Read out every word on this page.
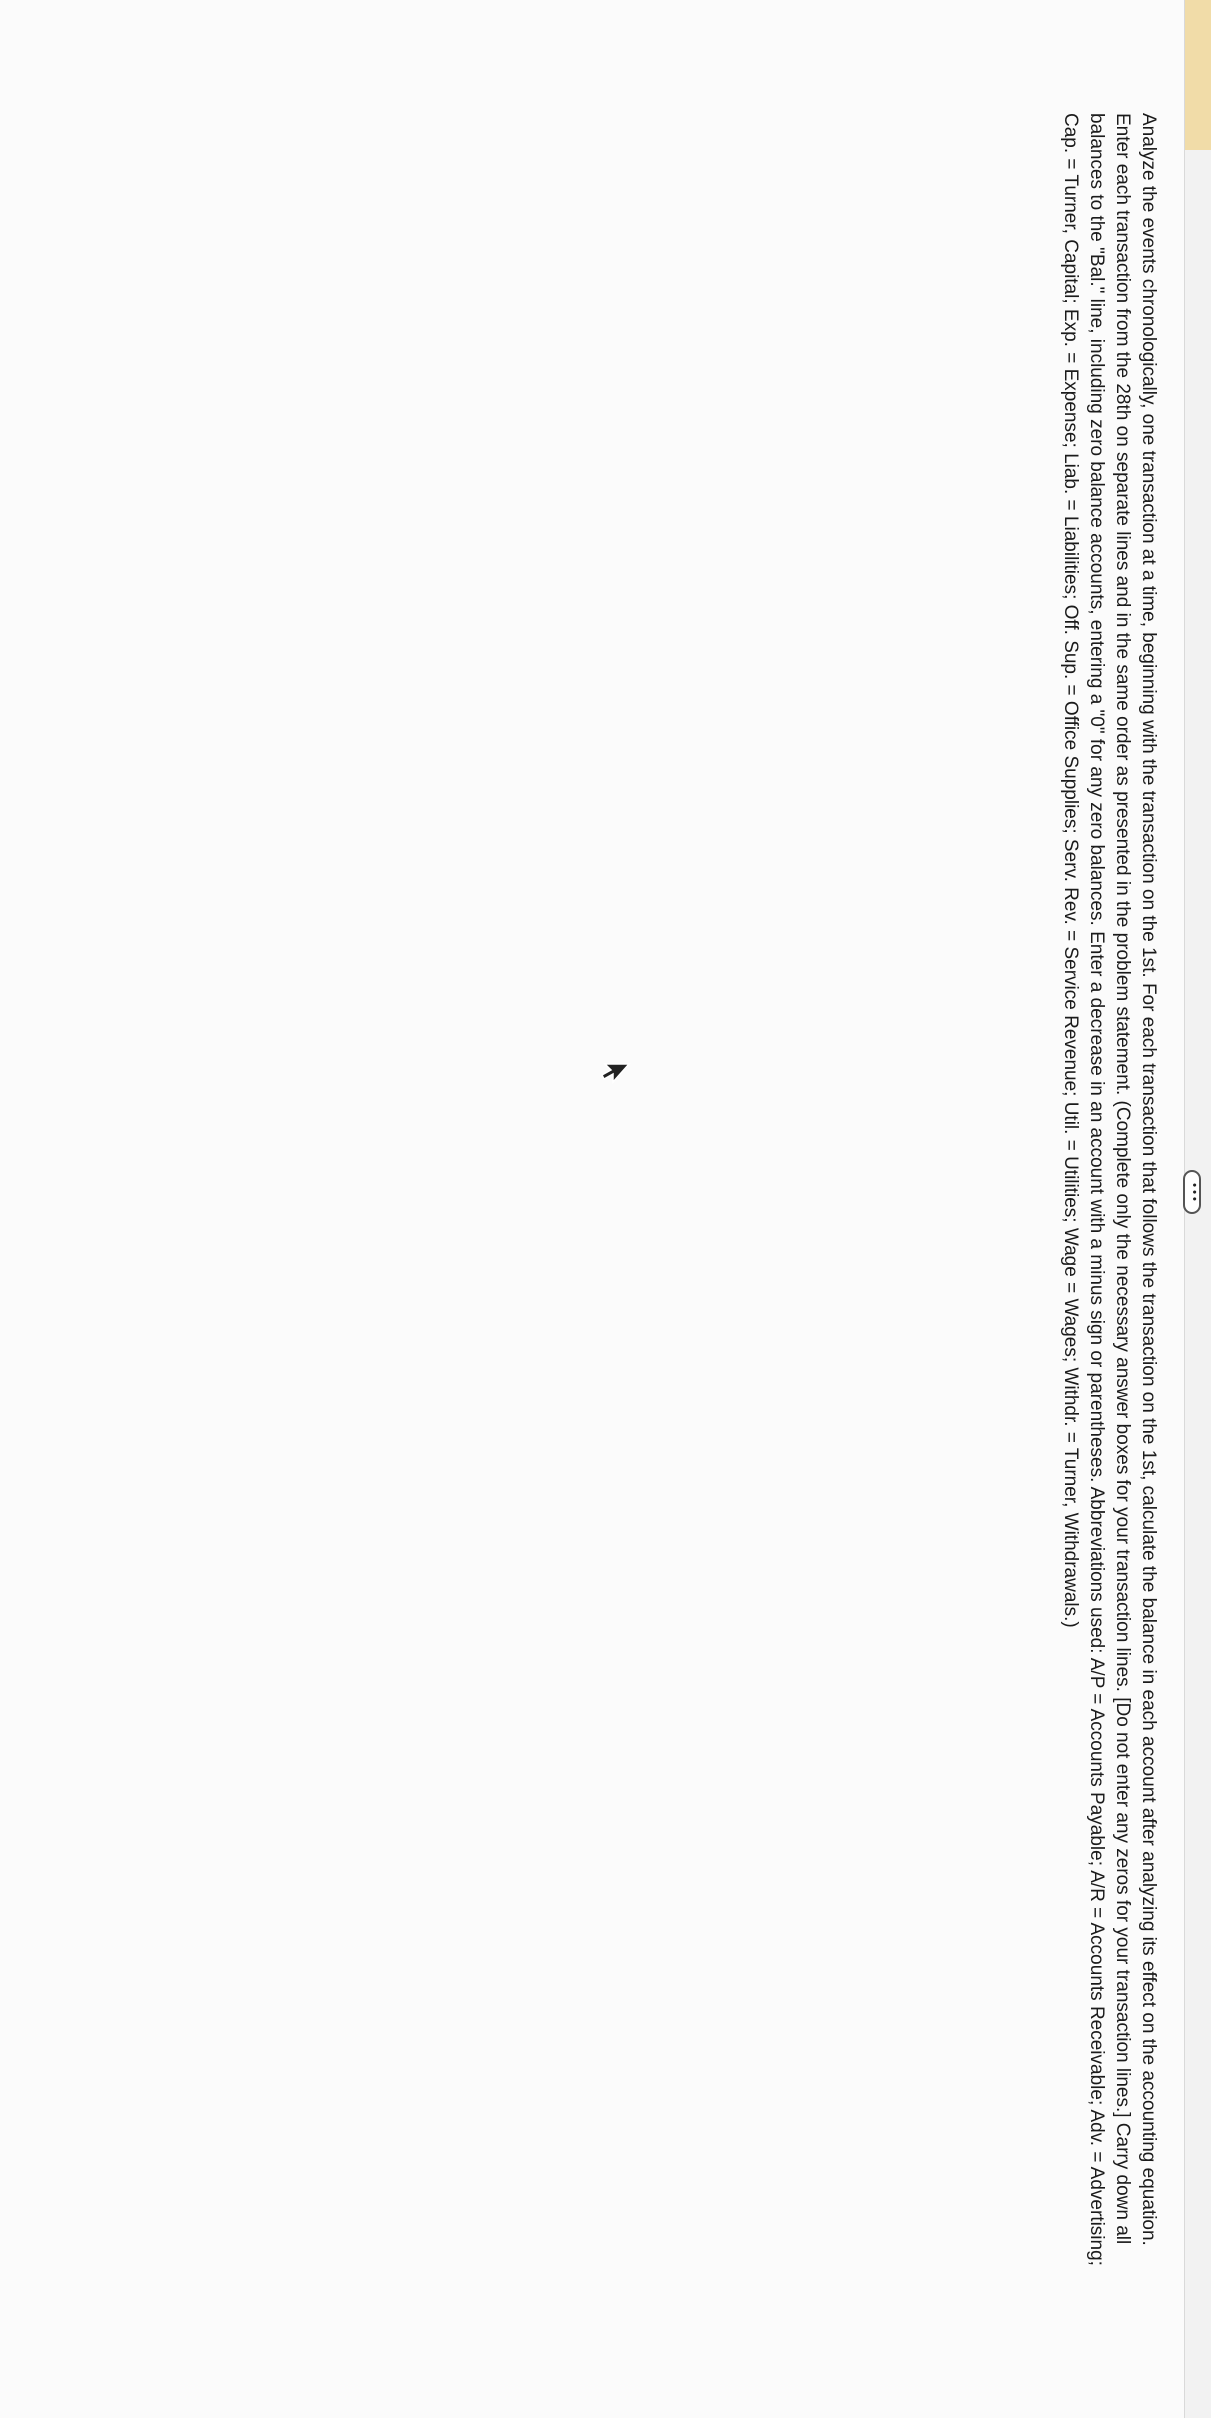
• • •

Analyze the events chronologically, one transaction at a time, beginning with the transaction on the 1st. For each transaction that follows the transaction on the 1st, calculate the balance in each account after analyzing its effect on the accounting equation. Enter each transaction from the 28th on separate lines and in the same order as presented in the problem statement. (Complete only the necessary answer boxes for your transaction lines. [Do not enter any zeros for your transaction lines.] Carry down all balances to the "Bal." line, including zero balance accounts, entering a "0" for any zero balances. Enter a decrease in an account with a minus sign or parentheses. Abbreviations used: A/P = Accounts Payable; A/R = Accounts Receivable; Adv. = Advertising; Cap. = Turner, Capital; Exp. = Expense; Liab. = Liabilities; Off. Sup. = Office Supplies; Serv. Rev. = Service Revenue; Util. = Utilities; Wage = Wages; Withdr. = Turner, Withdrawals.)
